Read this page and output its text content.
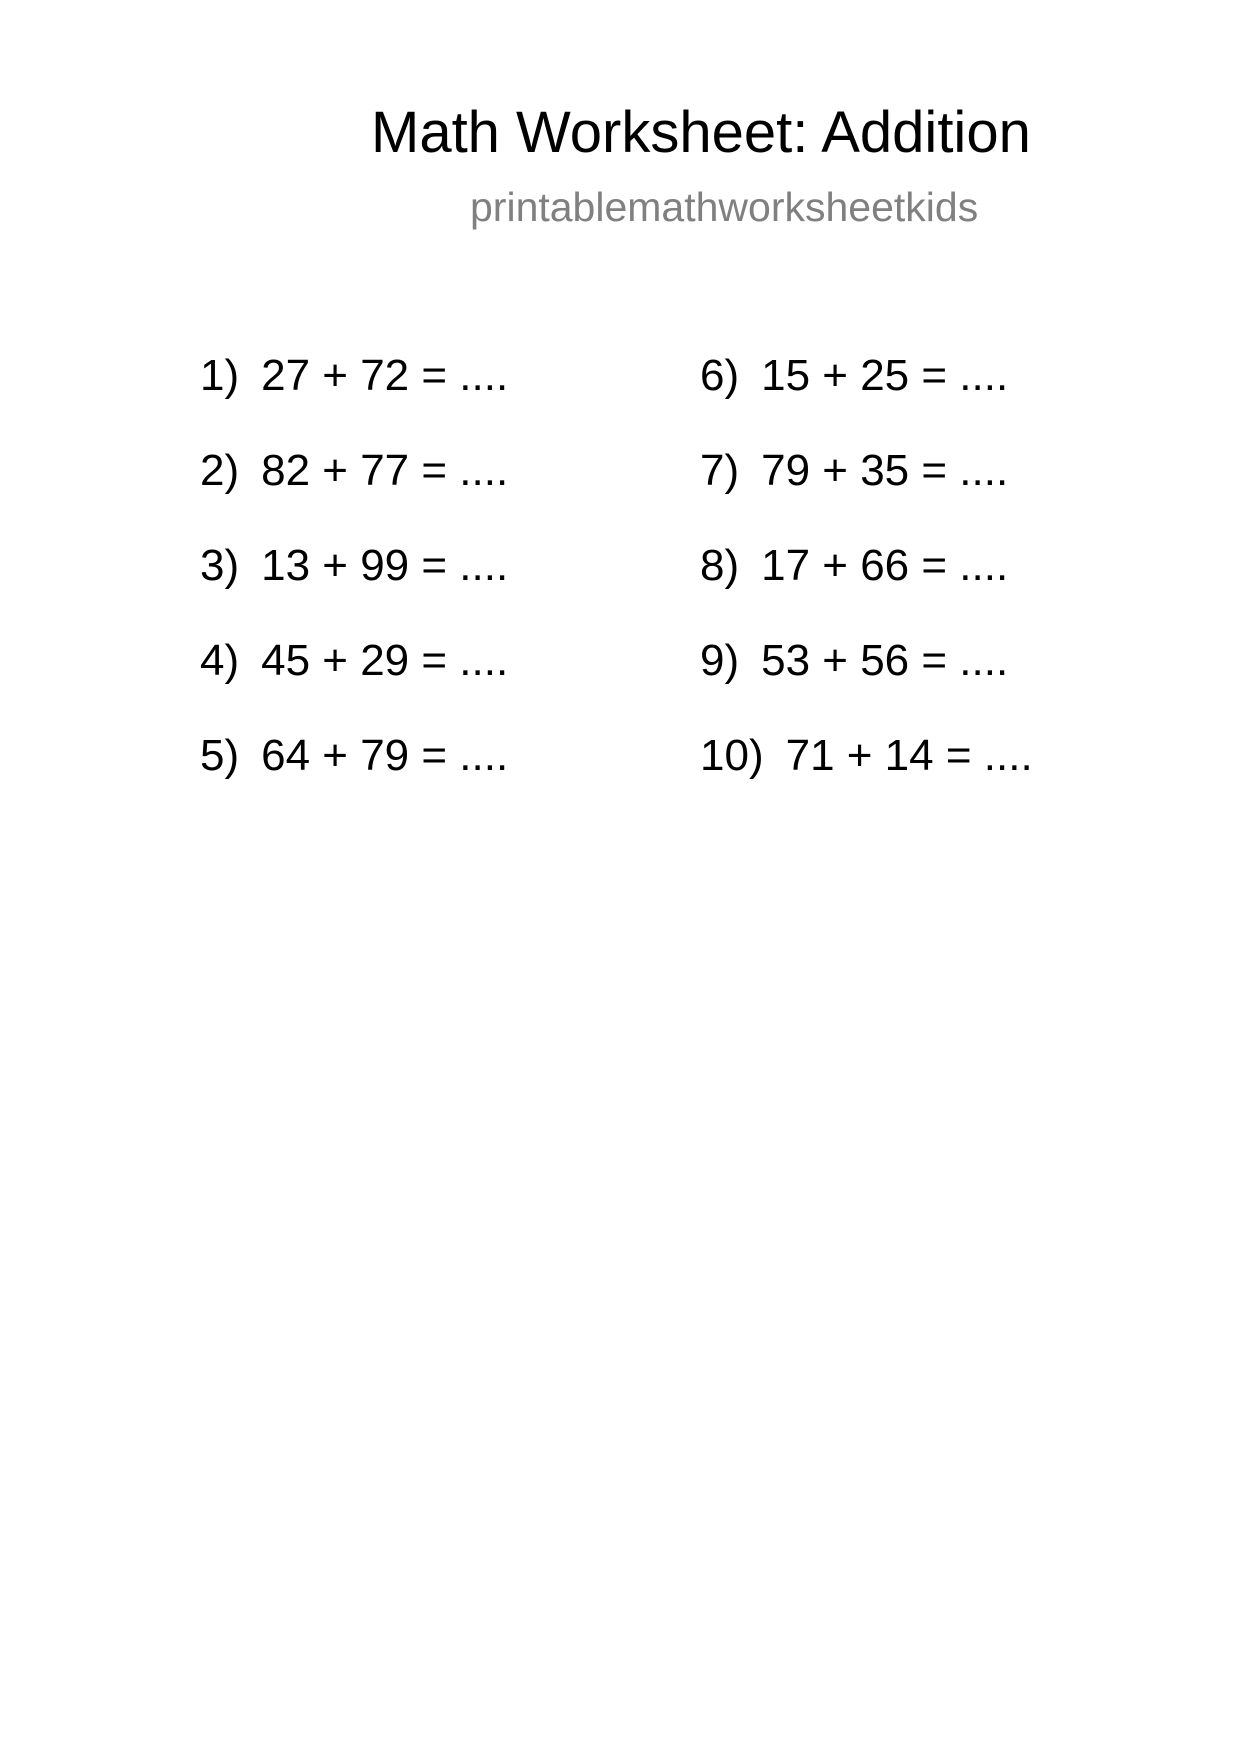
Math Worksheet: Addition
printablemathworksheetkids
1) 27 + 72 = ....
2) 82 + 77 = ....
3) 13 + 99 = ....
4) 45 + 29 = ....
5) 64 + 79 = ....
6) 15 + 25 = ....
7) 79 + 35 = ....
8) 17 + 66 = ....
9) 53 + 56 = ....
10) 71 + 14 = ....
